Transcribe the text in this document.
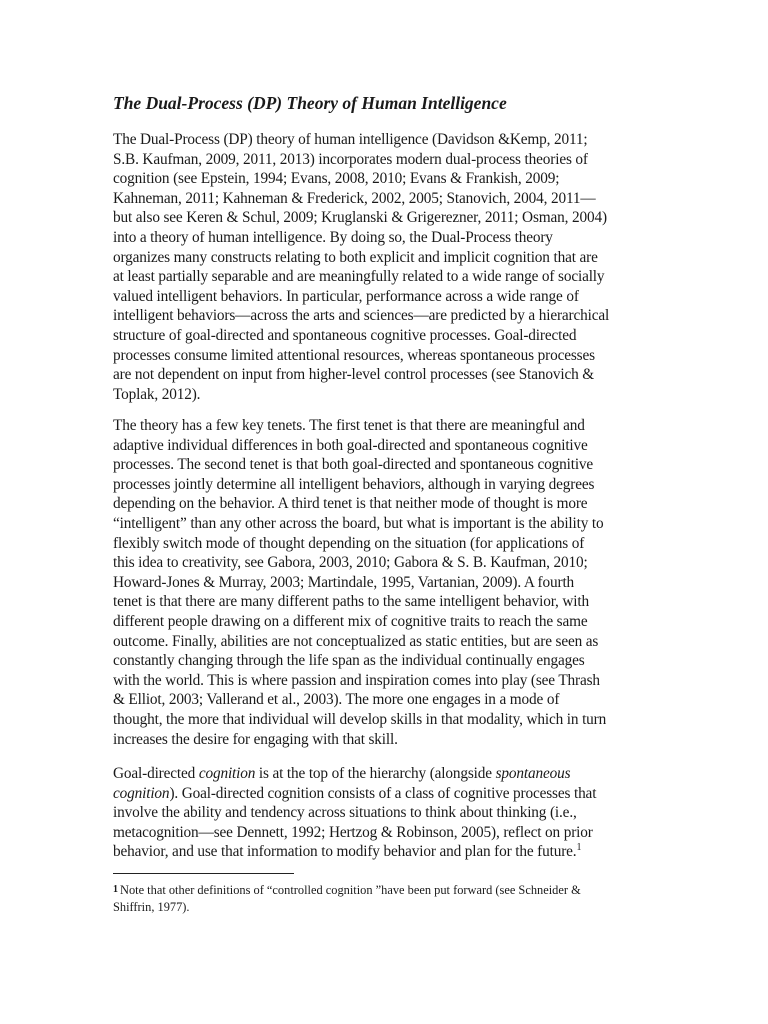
The Dual-Process (DP) Theory of Human Intelligence
The Dual-Process (DP) theory of human intelligence (Davidson &Kemp, 2011;
S.B. Kaufman, 2009, 2011, 2013) incorporates modern dual-process theories of
cognition (see Epstein, 1994; Evans, 2008, 2010; Evans & Frankish, 2009;
Kahneman, 2011; Kahneman & Frederick, 2002, 2005; Stanovich, 2004, 2011—
but also see Keren & Schul, 2009; Kruglanski & Grigerezner, 2011; Osman, 2004)
into a theory of human intelligence. By doing so, the Dual-Process theory
organizes many constructs relating to both explicit and implicit cognition that are
at least partially separable and are meaningfully related to a wide range of socially
valued intelligent behaviors. In particular, performance across a wide range of
intelligent behaviors—across the arts and sciences—are predicted by a hierarchical
structure of goal-directed and spontaneous cognitive processes. Goal-directed
processes consume limited attentional resources, whereas spontaneous processes
are not dependent on input from higher-level control processes (see Stanovich &
Toplak, 2012).
The theory has a few key tenets. The first tenet is that there are meaningful and
adaptive individual differences in both goal-directed and spontaneous cognitive
processes. The second tenet is that both goal-directed and spontaneous cognitive
processes jointly determine all intelligent behaviors, although in varying degrees
depending on the behavior. A third tenet is that neither mode of thought is more
“intelligent” than any other across the board, but what is important is the ability to
flexibly switch mode of thought depending on the situation (for applications of
this idea to creativity, see Gabora, 2003, 2010; Gabora & S. B. Kaufman, 2010;
Howard-Jones & Murray, 2003; Martindale, 1995, Vartanian, 2009). A fourth
tenet is that there are many different paths to the same intelligent behavior, with
different people drawing on a different mix of cognitive traits to reach the same
outcome. Finally, abilities are not conceptualized as static entities, but are seen as
constantly changing through the life span as the individual continually engages
with the world. This is where passion and inspiration comes into play (see Thrash
& Elliot, 2003; Vallerand et al., 2003). The more one engages in a mode of
thought, the more that individual will develop skills in that modality, which in turn
increases the desire for engaging with that skill.
Goal-directed cognition is at the top of the hierarchy (alongside spontaneous
cognition). Goal-directed cognition consists of a class of cognitive processes that
involve the ability and tendency across situations to think about thinking (i.e.,
metacognition—see Dennett, 1992; Hertzog & Robinson, 2005), reflect on prior
behavior, and use that information to modify behavior and plan for the future.$^1$
1 Note that other definitions of “controlled cognition ”have been put forward (see Schneider &
Shiffrin, 1977).
